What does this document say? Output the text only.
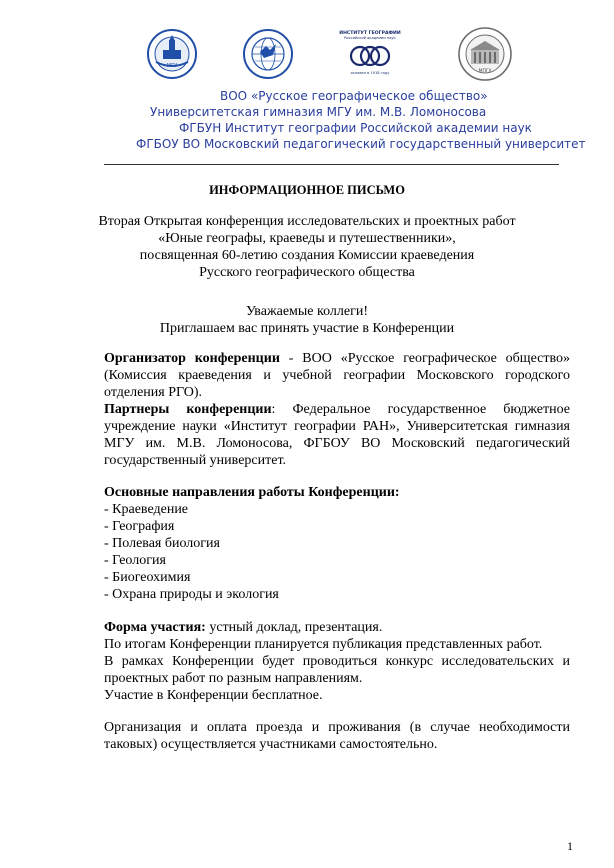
МГУ
ИНСТИТУТ ГЕОГРАФИИ
Российской академии наук
основан в 1918 году	МПГУ
ВОО «Русское географическое общество»
Университетская гимназия МГУ им. М.В. Ломоносова
ФГБУН Институт географии Российской академии наук
ФГБОУ ВО Московский педагогический государственный университет
ИНФОРМАЦИОННОЕ ПИСЬМО
Вторая Открытая конференция исследовательских и проектных работ
«Юные географы, краеведы и путешественники»,
посвященная 60-летию создания Комиссии краеведения
Русского географического общества
Уважаемые коллеги!
Приглашаем вас принять участие в Конференции

Организатор конференции - ВОО «Русское географическое общество» (Комиссия краеведения и учебной географии Московского городского отделения РГО).

Партнеры конференции: Федеральное государственное бюджетное учреждение науки «Институт географии РАН», Университетская гимназия МГУ им. М.В. Ломоносова, ФГБОУ ВО Московский педагогический государственный университет.

Основные направления работы Конференции:
- Краеведение
- География
- Полевая биология
- Геология
- Биогеохимия
- Охрана природы и экология

Форма участия: устный доклад, презентация.

По итогам Конференции планируется публикация представленных работ.

В рамках Конференции будет проводиться конкурс исследовательских и проектных работ по разным направлениям.

Участие в Конференции бесплатное.

Организация и оплата проезда и проживания (в случае необходимости таковых) осуществляется участниками самостоятельно.

1
